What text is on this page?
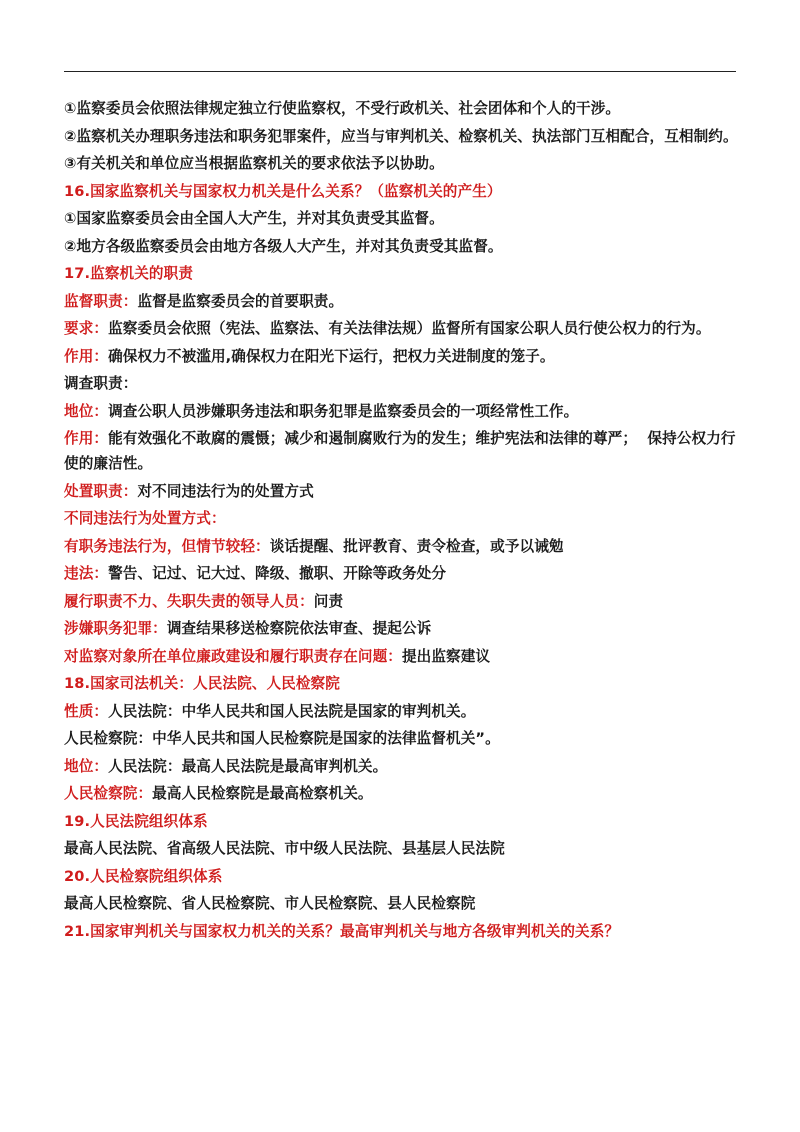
①监察委员会依照法律规定独立行使监察权，不受行政机关、社会团体和个人的干涉。
②监察机关办理职务违法和职务犯罪案件，应当与审判机关、检察机关、执法部门互相配合，互相制约。
③有关机关和单位应当根据监察机关的要求依法予以协助。
16.国家监察机关与国家权力机关是什么关系？（监察机关的产生）
①国家监察委员会由全国人大产生，并对其负责受其监督。
②地方各级监察委员会由地方各级人大产生，并对其负责受其监督。
17.监察机关的职责
监督职责：监督是监察委员会的首要职责。
要求：监察委员会依照（宪法、监察法、有关法律法规）监督所有国家公职人员行使公权力的行为。
作用：确保权力不被滥用,确保权力在阳光下运行，把权力关进制度的笼子。
调查职责：
地位：调查公职人员涉嫌职务违法和职务犯罪是监察委员会的一项经常性工作。
作用：能有效强化不敢腐的震慑；减少和遏制腐败行为的发生；维护宪法和法律的尊严；  保持公权力行使的廉洁性。
处置职责：对不同违法行为的处置方式
不同违法行为处置方式：
有职务违法行为，但情节较轻：谈话提醒、批评教育、责令检查，或予以诫勉
违法：警告、记过、记大过、降级、撤职、开除等政务处分
履行职责不力、失职失责的领导人员：问责
涉嫌职务犯罪：调查结果移送检察院依法审查、提起公诉
对监察对象所在单位廉政建设和履行职责存在问题：提出监察建议
18.国家司法机关：人民法院、人民检察院
性质：人民法院：中华人民共和国人民法院是国家的审判机关。
人民检察院：中华人民共和国人民检察院是国家的法律监督机关”。
地位：人民法院：最高人民法院是最高审判机关。
人民检察院：最高人民检察院是最高检察机关。
19.人民法院组织体系
最高人民法院、省高级人民法院、市中级人民法院、县基层人民法院
20.人民检察院组织体系
最高人民检察院、省人民检察院、市人民检察院、县人民检察院
21.国家审判机关与国家权力机关的关系？最高审判机关与地方各级审判机关的关系？
